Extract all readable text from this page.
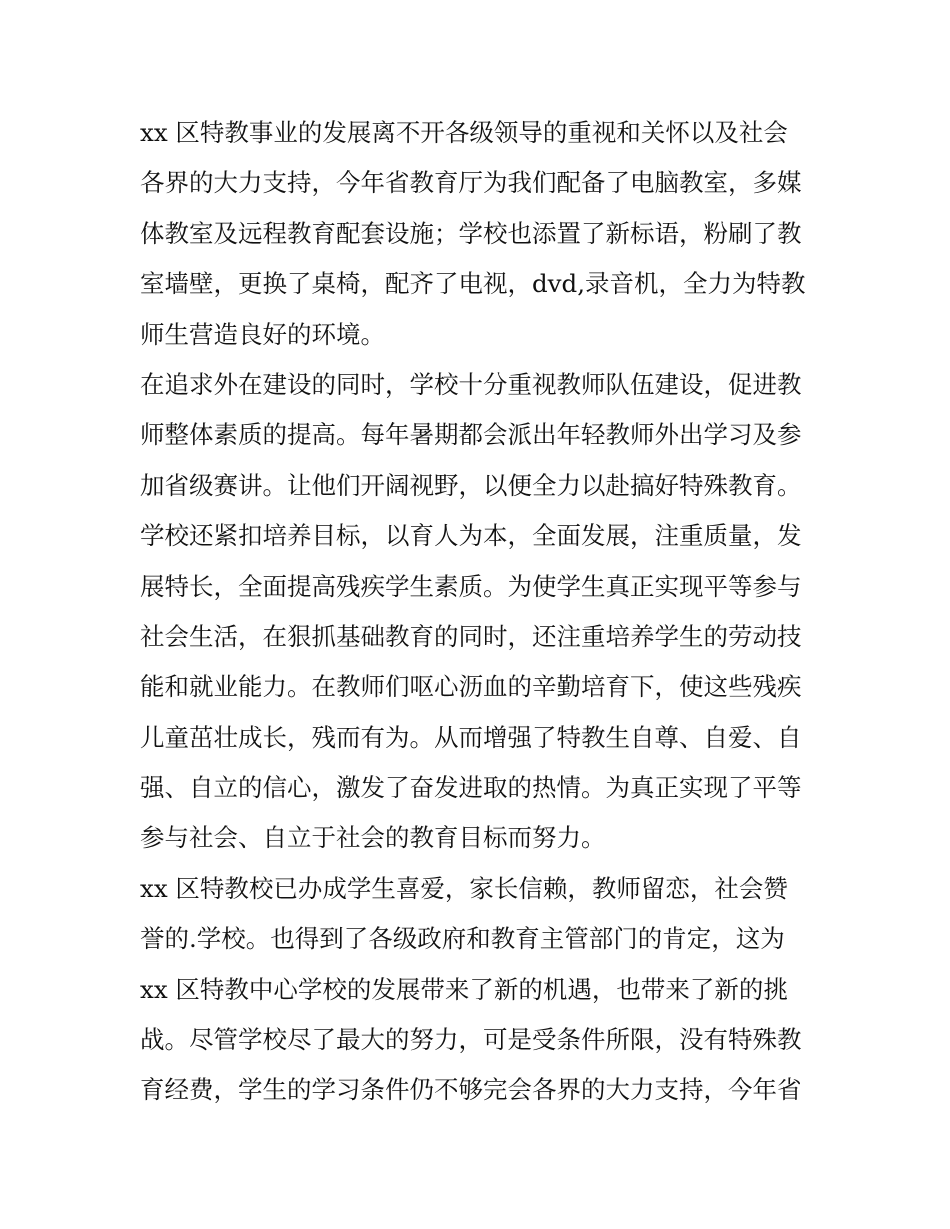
xx 区特教事业的发展离不开各级领导的重视和关怀以及社会
各界的大力支持，今年省教育厅为我们配备了电脑教室，多媒
体教室及远程教育配套设施；学校也添置了新标语，粉刷了教
室墙壁，更换了桌椅，配齐了电视，dvd,录音机，全力为特教
师生营造良好的环境。
在追求外在建设的同时，学校十分重视教师队伍建设，促进教
师整体素质的提高。每年暑期都会派出年轻教师外出学习及参
加省级赛讲。让他们开阔视野，以便全力以赴搞好特殊教育。
学校还紧扣培养目标，以育人为本，全面发展，注重质量，发
展特长，全面提高残疾学生素质。为使学生真正实现平等参与
社会生活，在狠抓基础教育的同时，还注重培养学生的劳动技
能和就业能力。在教师们呕心沥血的辛勤培育下，使这些残疾
儿童茁壮成长，残而有为。从而增强了特教生自尊、自爱、自
强、自立的信心，激发了奋发进取的热情。为真正实现了平等
参与社会、自立于社会的教育目标而努力。
xx 区特教校已办成学生喜爱，家长信赖，教师留恋，社会赞
誉的.学校。也得到了各级政府和教育主管部门的肯定，这为
xx 区特教中心学校的发展带来了新的机遇，也带来了新的挑
战。尽管学校尽了最大的努力，可是受条件所限，没有特殊教
育经费，学生的学习条件仍不够完会各界的大力支持，今年省
